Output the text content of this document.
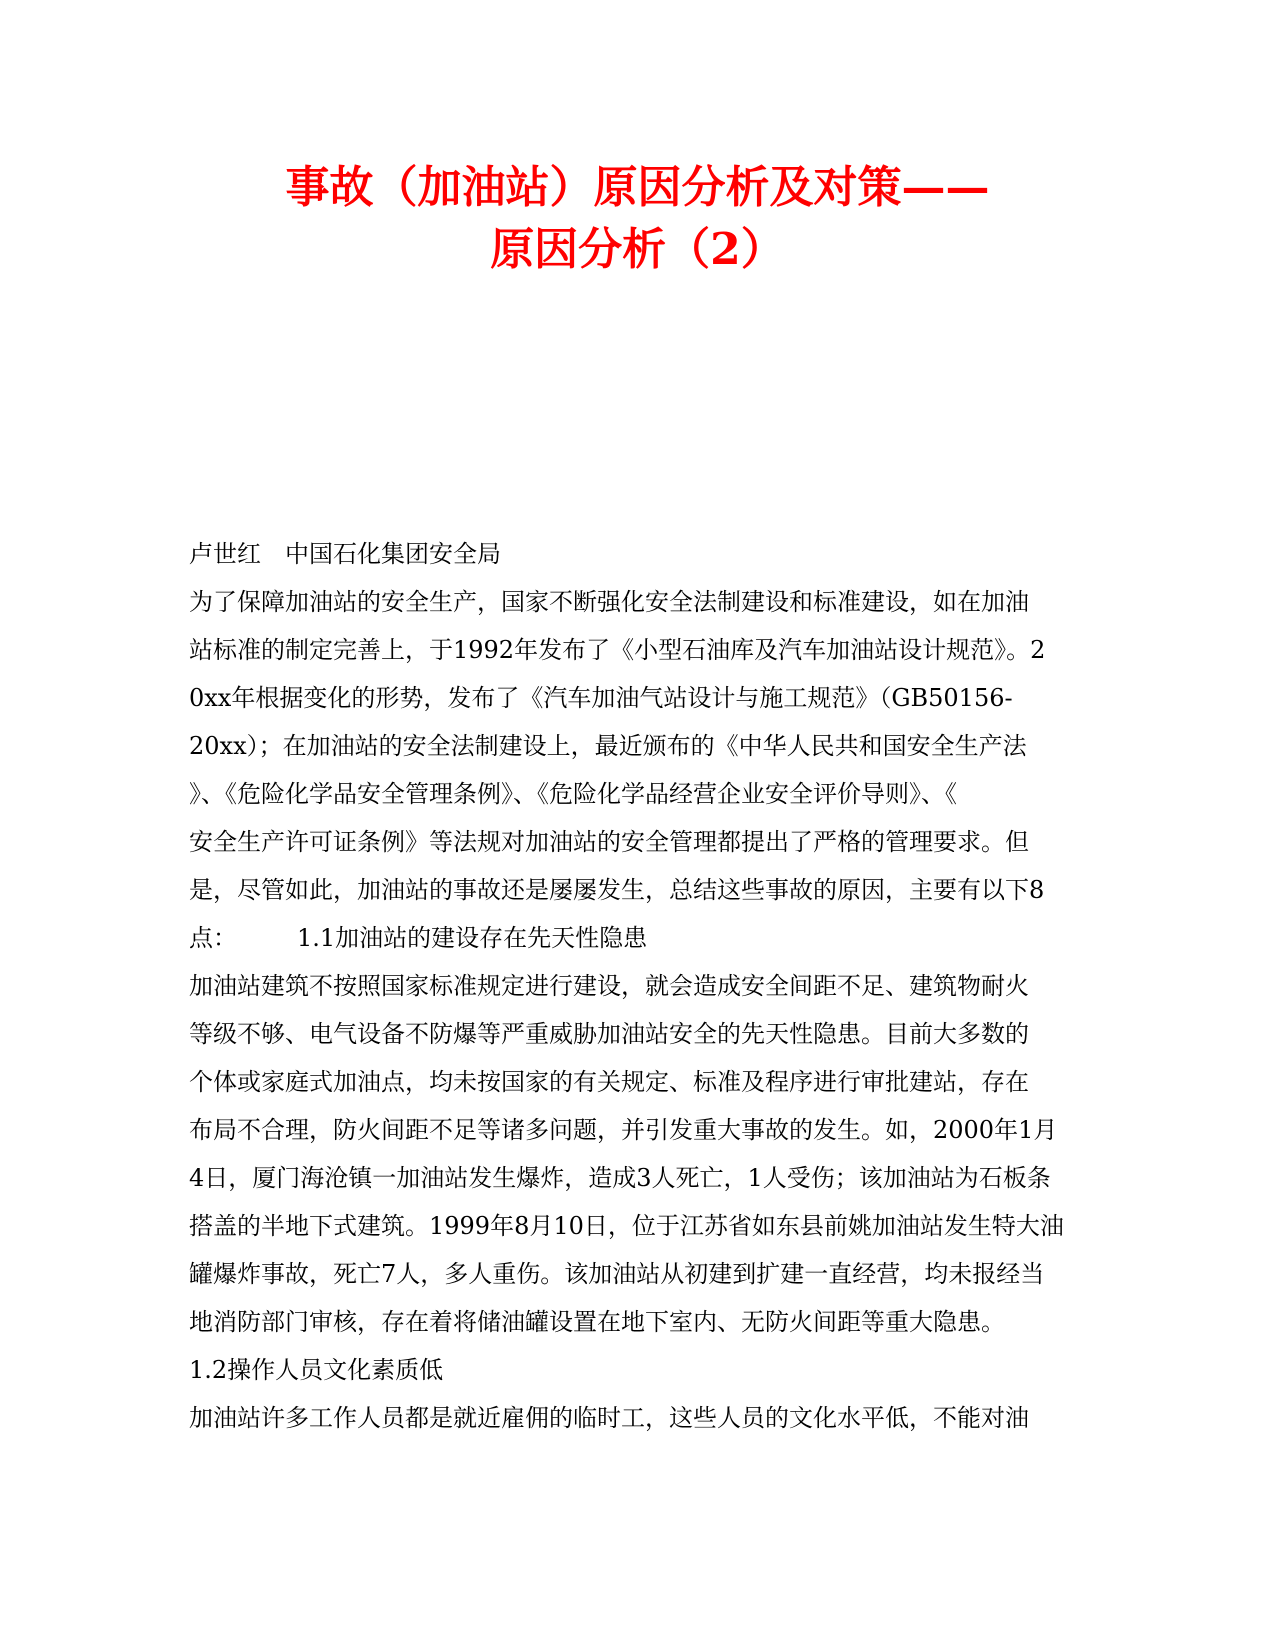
事故（加油站）原因分析及对策——
原因分析（2）
卢世红　中国石化集团安全局
为了保障加油站的安全生产，国家不断强化安全法制建设和标准建设，如在加油
站标准的制定完善上，于1992年发布了《小型石油库及汽车加油站设计规范》。2
0xx年根据变化的形势，发布了《汽车加油气站设计与施工规范》（GB50156-
20xx）；在加油站的安全法制建设上，最近颁布的《中华人民共和国安全生产法
》、《危险化学品安全管理条例》、《危险化学品经营企业安全评价导则》、《
安全生产许可证条例》等法规对加油站的安全管理都提出了严格的管理要求。但
是，尽管如此，加油站的事故还是屡屡发生，总结这些事故的原因，主要有以下8
点：　　　1.1加油站的建设存在先天性隐患
加油站建筑不按照国家标准规定进行建设，就会造成安全间距不足、建筑物耐火
等级不够、电气设备不防爆等严重威胁加油站安全的先天性隐患。目前大多数的
个体或家庭式加油点，均未按国家的有关规定、标准及程序进行审批建站，存在
布局不合理，防火间距不足等诸多问题，并引发重大事故的发生。如，2000年1月
4日，厦门海沧镇一加油站发生爆炸，造成3人死亡，1人受伤；该加油站为石板条
搭盖的半地下式建筑。1999年8月10日，位于江苏省如东县前姚加油站发生特大油
罐爆炸事故，死亡7人，多人重伤。该加油站从初建到扩建一直经营，均未报经当
地消防部门审核，存在着将储油罐设置在地下室内、无防火间距等重大隐患。
1.2操作人员文化素质低
加油站许多工作人员都是就近雇佣的临时工，这些人员的文化水平低，不能对油
